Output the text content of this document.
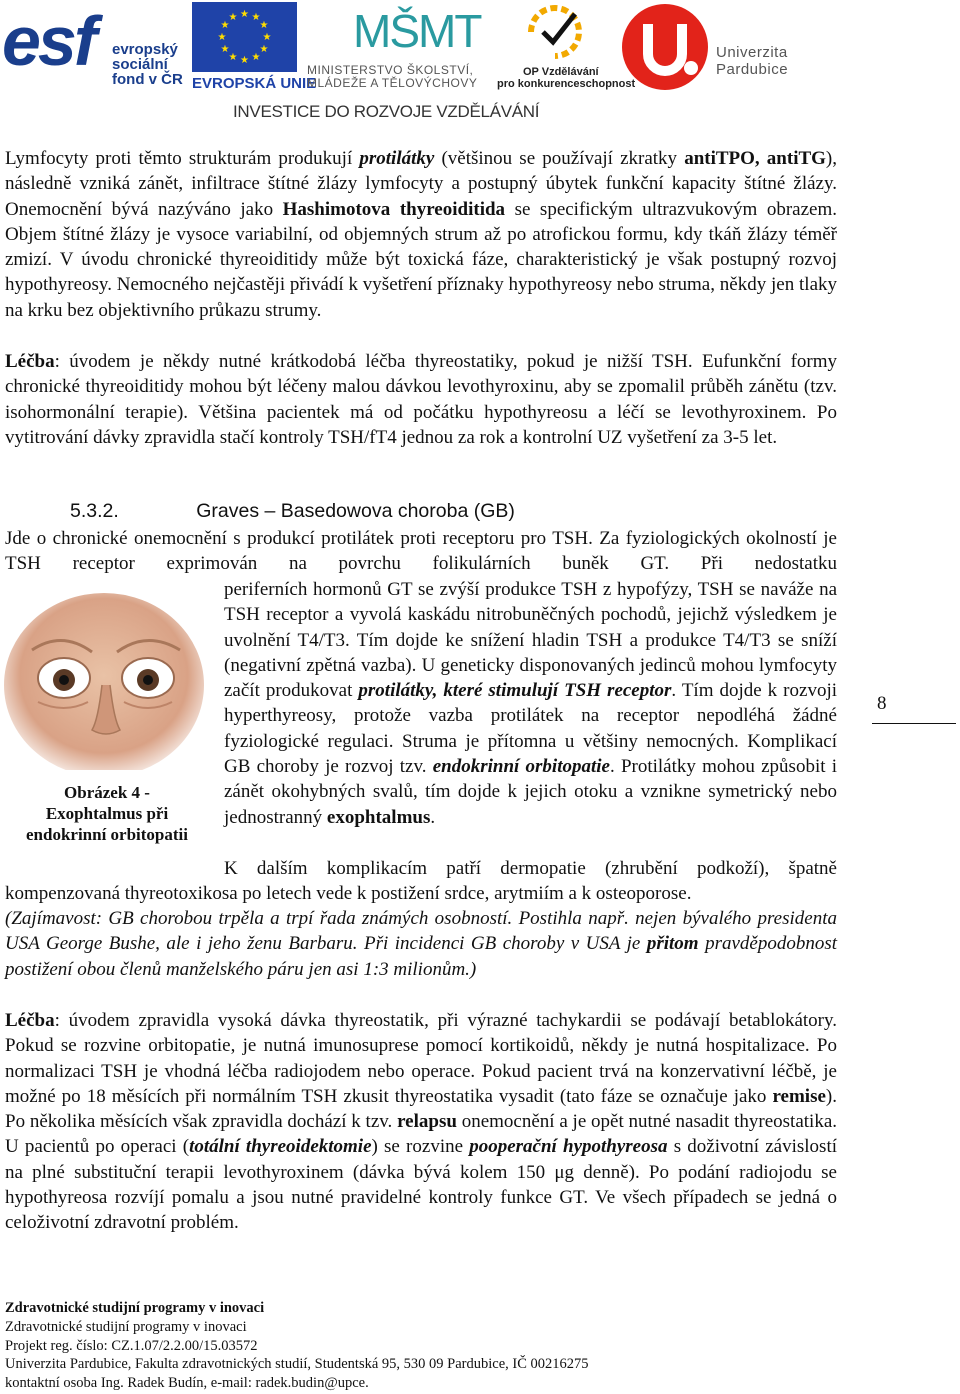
esf evropský
sociální
fond v ČR
★ ★
★
★
★
★
★
★
★
★
★
★
EVROPSKÁ UNIE
MŠMT
MINISTERSTVO ŠKOLSTVÍ,
MLÁDEŽE A TĚLOVÝCHOVY
OP Vzdělávání
pro konkurenceschopnost
Univerzita
Pardubice
INVESTICE DO ROZVOJE VZDĚLÁVÁNÍ

Lymfocyty proti těmto strukturám produkují protilátky (většinou se používají zkratky antiTPO, antiTG), následně vzniká zánět, infiltrace štítné žlázy lymfocyty a postupný úbytek funkční kapacity štítné žlázy. Onemocnění bývá nazýváno jako Hashimotova thyreoiditida se specifickým ultrazvukovým obrazem. Objem štítné žlázy je vysoce variabilní, od objemných strum až po atrofickou formu, kdy tkáň žlázy téměř zmizí. V úvodu chronické thyreoiditidy může být toxická fáze, charakteristický je však postupný rozvoj hypothyreosy. Nemocného nejčastěji přivádí k vyšetření příznaky hypothyreosy nebo struma, někdy jen tlaky na krku bez objektivního průkazu strumy.

Léčba: úvodem je někdy nutné krátkodobá léčba thyreostatiky, pokud je nižší TSH. Eufunkční formy chronické thyreoiditidy mohou být léčeny malou dávkou levothyroxinu, aby se zpomalil průběh zánětu (tzv. isohormonální terapie). Většina pacientek má od počátku hypothyreosu a léčí se levothyroxinem. Po vytitrování dávky zpravidla stačí kontroly TSH/fT4 jednou za rok a kontrolní UZ vyšetření za 3-5 let.

5.3.2.	Graves – Basedowova choroba (GB)

Jde o chronické onemocnění s produkcí protilátek proti receptoru pro TSH. Za fyziologických okolností je TSH receptor exprimován na povrchu folikulárních buněk GT. Při nedostatku

Obrázek 4 -
Exophtalmus při
endokrinní orbitopatii

periferních hormonů GT se zvýší produkce TSH z hypofýzy, TSH se naváže na TSH receptor a vyvolá kaskádu nitrobuněčných pochodů, jejichž výsledkem je uvolnění T4/T3. Tím dojde ke snížení hladin TSH a produkce T4/T3 se sníží (negativní zpětná vazba). U geneticky disponovaných jedinců mohou lymfocyty začít produkovat protilátky, které stimulují TSH receptor. Tím dojde k rozvoji hyperthyreosy, protože vazba protilátek na receptor nepodléhá žádné fyziologické regulaci. Struma je přítomna u většiny nemocných. Komplikací GB choroby je rozvoj tzv. endokrinní orbitopatie. Protilátky mohou způsobit i zánět okohybných svalů, tím dojde k jejich otoku a vznikne symetrický nebo jednostranný exophtalmus.

K dalším komplikacím patří dermopatie (zhrubění podkoží), špatně

kompenzovaná thyreotoxikosa po letech vede k postižení srdce, arytmiím a k osteoporose.

(Zajímavost: GB chorobou trpěla a trpí řada známých osobností. Postihla např. nejen bývalého presidenta USA George Bushe, ale i jeho ženu Barbaru. Při incidenci GB choroby v USA je přitom pravděpodobnost postižení obou členů manželského páru jen asi 1:3 milionům.)

Léčba: úvodem zpravidla vysoká dávka thyreostatik, při výrazné tachykardii se podávají betablokátory. Pokud se rozvine orbitopatie, je nutná imunosuprese pomocí kortikoidů, někdy je nutná hospitalizace. Po normalizaci TSH je vhodná léčba radiojodem nebo operace. Pokud pacient trvá na konzervativní léčbě, je možné po 18 měsících při normálním TSH zkusit thyreostatika vysadit (tato fáze se označuje jako remise). Po několika měsících však zpravidla dochází k tzv. relapsu onemocnění a je opět nutné nasadit thyreostatika. U pacientů po operaci (totální thyreoidektomie) se rozvine pooperační hypothyreosa s doživotní závislostí na plné substituční terapii levothyroxinem (dávka bývá kolem 150 μg denně). Po podání radiojodu se hypothyreosa rozvíjí pomalu a jsou nutné pravidelné kontroly funkce GT. Ve všech případech se jedná o celoživotní zdravotní problém.

8
Zdravotnické studijní programy v inovaci
Zdravotnické studijní programy v inovaci
Projekt reg. číslo: CZ.1.07/2.2.00/15.03572
Univerzita Pardubice, Fakulta zdravotnických studií, Studentská 95, 530 09 Pardubice, IČ 00216275
kontaktní osoba Ing. Radek Budín, e-mail: radek.budin@upce.
